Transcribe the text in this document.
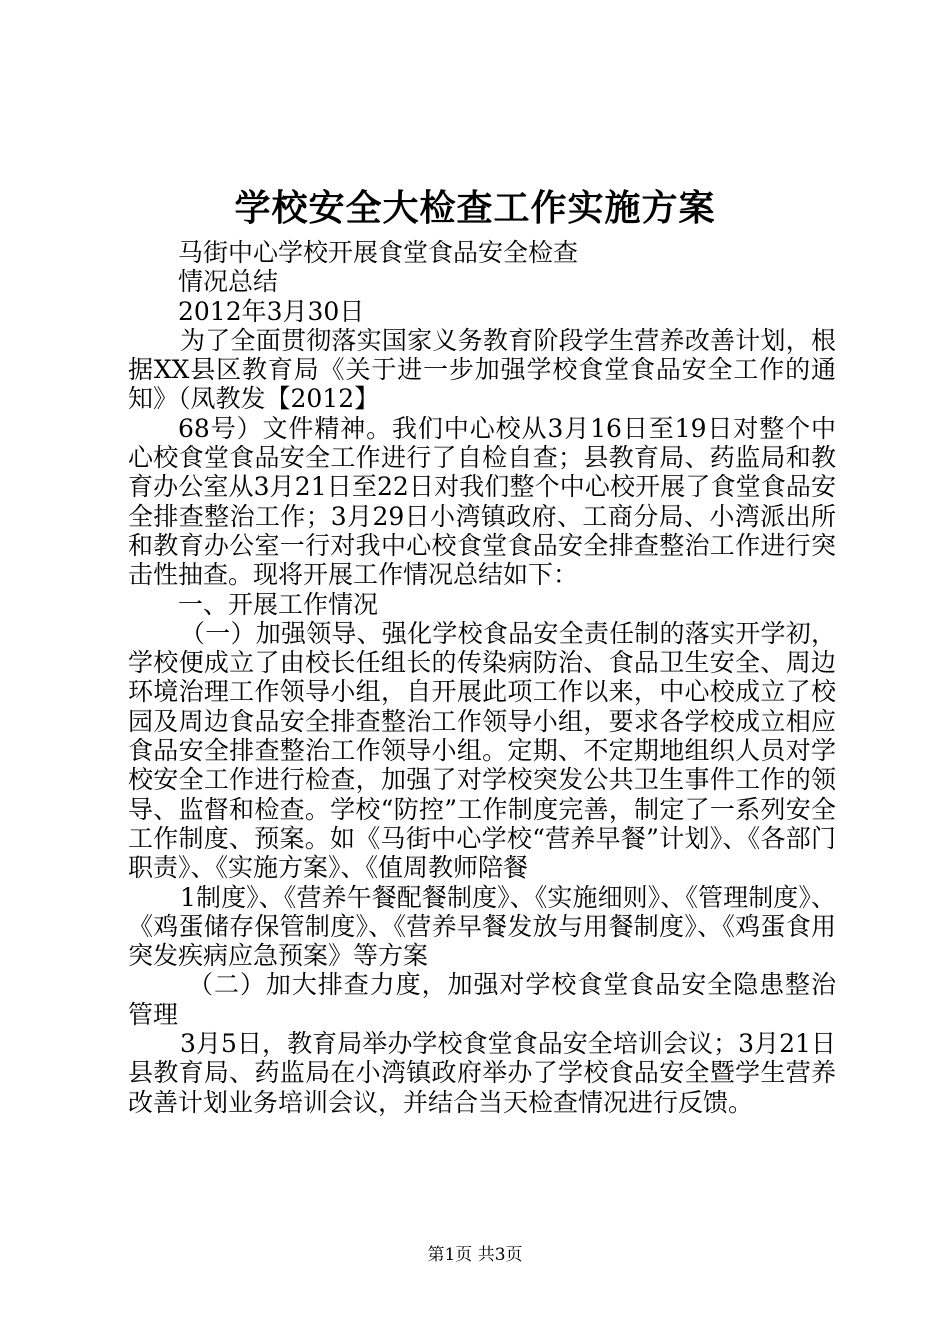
学校安全大检查工作实施方案

马街中心学校开展食堂食品安全检查

情况总结

2012年3月30日

为了全面贯彻落实国家义务教育阶段学生营养改善计划，根据XX县区教育局《关于进一步加强学校食堂食品安全工作的通知》（凤教发【2012】

68号）文件精神。我们中心校从3月16日至19日对整个中心校食堂食品安全工作进行了自检自查；县教育局、药监局和教育办公室从3月21日至22日对我们整个中心校开展了食堂食品安全排查整治工作；3月29日小湾镇政府、工商分局、小湾派出所和教育办公室一行对我中心校食堂食品安全排查整治工作进行突击性抽查。现将开展工作情况总结如下：

一、开展工作情况

（一）加强领导、强化学校食品安全责任制的落实开学初，学校便成立了由校长任组长的传染病防治、食品卫生安全、周边环境治理工作领导小组，自开展此项工作以来，中心校成立了校园及周边食品安全排查整治工作领导小组，要求各学校成立相应食品安全排查整治工作领导小组。定期、不定期地组织人员对学校安全工作进行检查，加强了对学校突发公共卫生事件工作的领导、监督和检查。学校“防控”工作制度完善，制定了一系列安全工作制度、预案。如《马街中心学校“营养早餐”计划》、《各部门职责》、《实施方案》、《值周教师陪餐

1制度》、《营养午餐配餐制度》、《实施细则》、《管理制度》、《鸡蛋储存保管制度》、《营养早餐发放与用餐制度》、《鸡蛋食用突发疾病应急预案》等方案

（二）加大排查力度，加强对学校食堂食品安全隐患整治管理

3月5日，教育局举办学校食堂食品安全培训会议；3月21日县教育局、药监局在小湾镇政府举办了学校食品安全暨学生营养改善计划业务培训会议，并结合当天检查情况进行反馈。

第1页 共3页
